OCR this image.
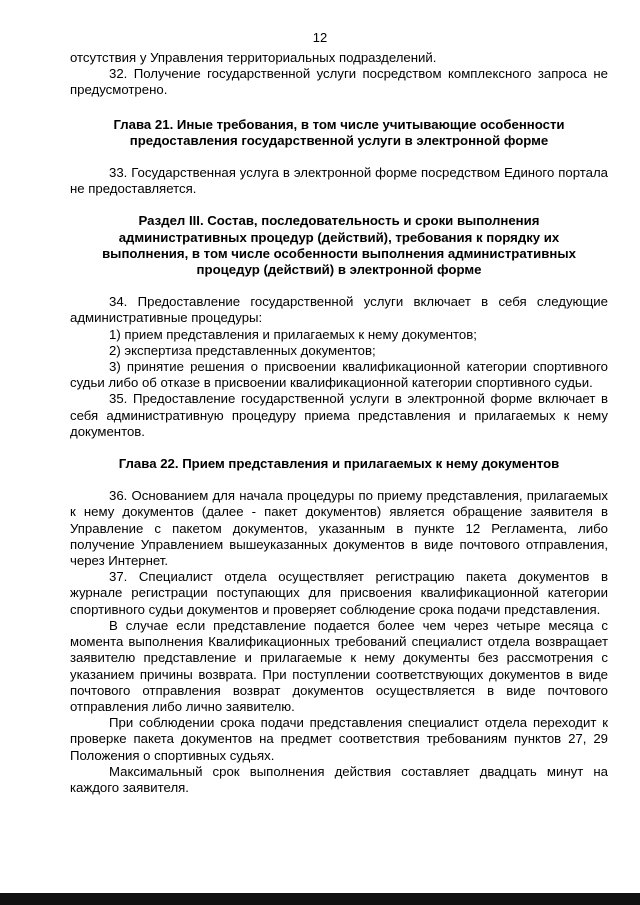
12

отсутствия у Управления территориальных подразделений.

32. Получение государственной услуги посредством комплексного запроса не предусмотрено.

Глава 21. Иные требования, в том числе учитывающие особенности предоставления государственной услуги в электронной форме

33. Государственная услуга в электронной форме посредством Единого портала не предоставляется.

Раздел III. Состав, последовательность и сроки выполнения административных процедур (действий), требования к порядку их выполнения, в том числе особенности выполнения административных процедур (действий) в электронной форме

34. Предоставление государственной услуги включает в себя следующие административные процедуры:

1) прием представления и прилагаемых к нему документов;

2) экспертиза представленных документов;

3) принятие решения о присвоении квалификационной категории спортивного судьи либо об отказе в присвоении квалификационной категории спортивного судьи.

35. Предоставление государственной услуги в электронной форме включает в себя административную процедуру приема представления и прилагаемых к нему документов.

Глава 22. Прием представления и прилагаемых к нему документов

36. Основанием для начала процедуры по приему представления, прилагаемых к нему документов (далее - пакет документов) является обращение заявителя в Управление с пакетом документов, указанным в пункте 12 Регламента, либо получение Управлением вышеуказанных документов в виде почтового отправления, через Интернет.

37. Специалист отдела осуществляет регистрацию пакета документов в журнале регистрации поступающих для присвоения квалификационной категории спортивного судьи документов и проверяет соблюдение срока подачи представления.

В случае если представление подается более чем через четыре месяца с момента выполнения Квалификационных требований специалист отдела возвращает заявителю представление и прилагаемые к нему документы без рассмотрения с указанием причины возврата. При поступлении соответствующих документов в виде почтового отправления возврат документов осуществляется в виде почтового отправления либо лично заявителю.

При соблюдении срока подачи представления специалист отдела переходит к проверке пакета документов на предмет соответствия требованиям пунктов 27, 29 Положения о спортивных судьях.

Максимальный срок выполнения действия составляет двадцать минут на каждого заявителя.
